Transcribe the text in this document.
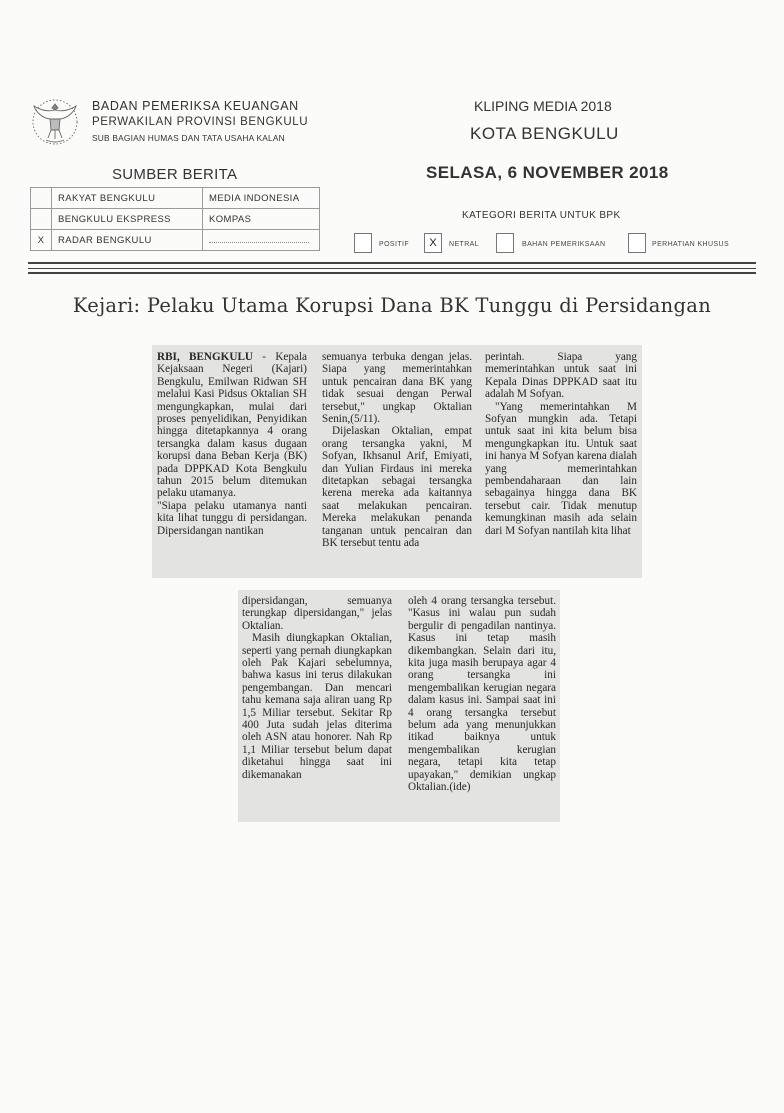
BADAN PEMERIKSA KEUANGAN
PERWAKILAN PROVINSI BENGKULU
SUB BAGIAN HUMAS DAN TATA USAHA KALAN
KLIPING MEDIA 2018
KOTA BENGKULU
SUMBER BERITA	SELASA, 6 NOVEMBER 2018
	RAKYAT BENGKULU	MEDIA INDONESIA
	BENGKULU EKSPRESS	KOMPAS
X	RADAR BENGKULU	
KATEGORI BERITA UNTUK BPK
POSITIF	X	NETRAL	BAHAN PEMERIKSAAN	PERHATIAN KHUSUS
Kejari: Pelaku Utama Korupsi Dana BK Tunggu di Persidangan

RBI, BENGKULU - Kepala Kejaksaan Negeri (Kajari) Bengkulu, Emilwan Ridwan SH melalui Kasi Pidsus Oktalian SH mengungkapkan, mulai dari proses penyelidikan, Penyidikan hingga ditetapkannya 4 orang tersangka dalam kasus dugaan korupsi dana Beban Kerja (BK) pada DPPKAD Kota Bengkulu tahun 2015 belum ditemukan pelaku utamanya.

"Siapa pelaku utamanya nanti kita lihat tunggu di persidangan. Dipersidangan nantikan

semuanya terbuka dengan jelas. Siapa yang memerintahkan untuk pencairan dana BK yang tidak sesuai dengan Perwal tersebut," ungkap Oktalian Senin,(5/11).

Dijelaskan Oktalian, empat orang tersangka yakni, M Sofyan, Ikhsanul Arif, Emiyati, dan Yulian Firdaus ini mereka ditetapkan sebagai tersangka kerena mereka ada kaitannya saat melakukan pencairan. Mereka melakukan penanda tanganan untuk pencairan dan BK tersebut tentu ada

perintah. Siapa yang memerintahkan untuk saat ini Kepala Dinas DPPKAD saat itu adalah M Sofyan.

"Yang memerintahkan M Sofyan mungkin ada. Tetapi untuk saat ini kita belum bisa mengungkapkan itu. Untuk saat ini hanya M Sofyan karena dialah yang memerintahkan pembendaharaan dan lain sebagainya hingga dana BK tersebut cair. Tidak menutup kemungkinan masih ada selain dari M Sofyan nantilah kita lihat

dipersidangan, semuanya terungkap dipersidangan," jelas Oktalian.

Masih diungkapkan Oktalian, seperti yang pernah diungkapkan oleh Pak Kajari sebelumnya, bahwa kasus ini terus dilakukan pengembangan. Dan mencari tahu kemana saja aliran uang Rp 1,5 Miliar tersebut. Sekitar Rp 400 Juta sudah jelas diterima oleh ASN atau honorer. Nah Rp 1,1 Miliar tersebut belum dapat diketahui hingga saat ini dikemanakan

oleh 4 orang tersangka tersebut. "Kasus ini walau pun sudah bergulir di pengadilan nantinya. Kasus ini tetap masih dikembangkan. Selain dari itu, kita juga masih berupaya agar 4 orang tersangka ini mengembalikan kerugian negara dalam kasus ini. Sampai saat ini 4 orang tersangka tersebut belum ada yang menunjukkan itikad baiknya untuk mengembalikan kerugian negara, tetapi kita tetap upayakan," demikian ungkap Oktalian.(ide)
